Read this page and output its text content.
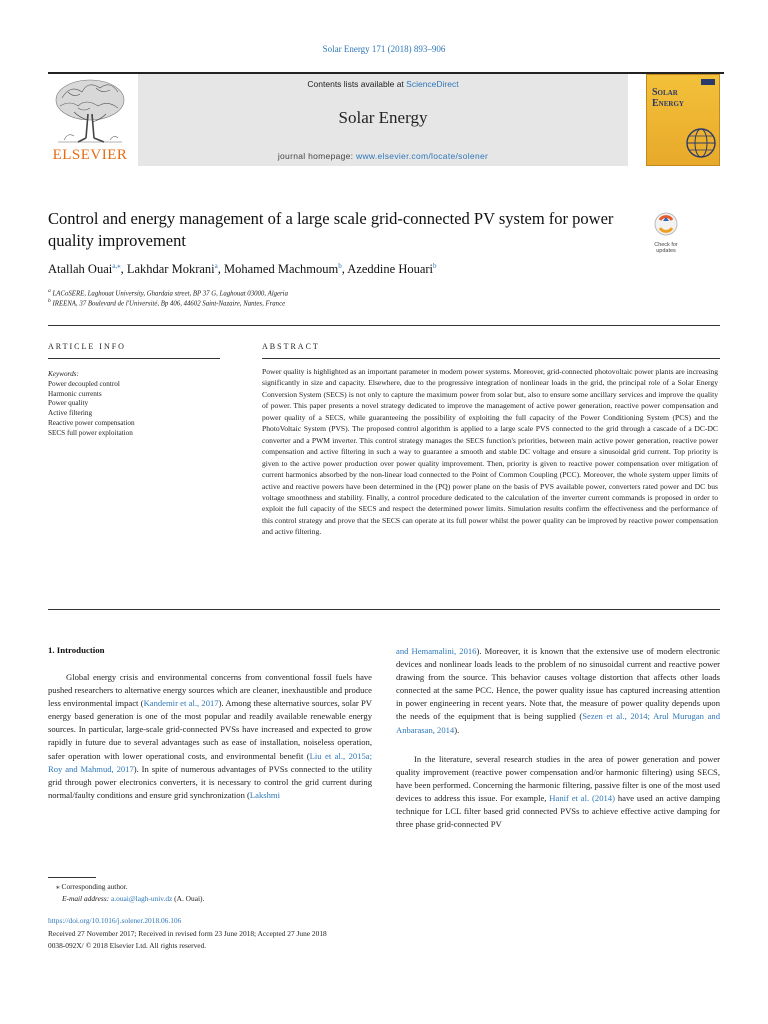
Solar Energy 171 (2018) 893–906
ELSEVIER
Contents lists available at ScienceDirect
Solar Energy
journal homepage: www.elsevier.com/locate/solener
Solar
Energy
Control and energy management of a large scale grid-connected PV system for power quality improvement	Check for updates
Atallah Ouai$^{a,⁎}$, Lakhdar Mokrani$^a$, Mohamed Machmoum$^b$, Azeddine Houari$^b$
$^a$ LACoSERE, Laghouat University, Ghardaia street, BP 37 G, Laghouat 03000, Algeria
$^b$ IREENA, 37 Boulevard de l'Université, Bp 406, 44602 Saint-Nazaire, Nantes, France
ARTICLE INFO	ABSTRACT
Keywords:
Power decoupled control
Harmonic currents
Power quality
Active filtering
Reactive power compensation
SECS full power exploitation
Power quality is highlighted as an important parameter in modern power systems. Moreover, grid-connected photovoltaic power plants are increasing significantly in size and capacity. Elsewhere, due to the progressive integration of nonlinear loads in the grid, the principal role of a Solar Energy Conversion System (SECS) is not only to capture the maximum power from solar but, also to ensure some ancillary services and improve the quality of power. This paper presents a novel strategy dedicated to improve the management of active power generation, reactive power compensation and power quality of a SECS, while guaranteeing the possibility of exploiting the full capacity of the Power Conditioning System (PCS) and the PhotoVoltaic System (PVS). The proposed control algorithm is applied to a large scale PVS connected to the grid through a cascade of a DC-DC converter and a PWM inverter. This control strategy manages the SECS function's priorities, between main active power generation, reactive power compensation and active filtering in such a way to guarantee a smooth and stable DC voltage and ensure a sinusoidal grid current. Top priority is given to the active power production over power quality improvement. Then, priority is given to reactive power compensation over mitigation of current harmonics absorbed by the non-linear load connected to the Point of Common Coupling (PCC). Moreover, the whole system upper limits of active and reactive powers have been determined in the (PQ) power plane on the basis of PVS available power, converters rated power and DC bus voltage smoothness and stability. Finally, a control procedure dedicated to the calculation of the inverter current commands is proposed in order to exploit the full capacity of the SECS and respect the determined power limits. Simulation results confirm the effectiveness and the performance of this control strategy and prove that the SECS can operate at its full power whilst the power quality can be improved by reactive power compensation and active filtering.
1. Introduction
Global energy crisis and environmental concerns from conventional fossil fuels have pushed researchers to alternative energy sources which are cleaner, inexhaustible and produce less environmental impact (Kandemir et al., 2017). Among these alternative sources, solar PV energy based generation is one of the most popular and readily available renewable energy sources. In particular, large-scale grid-connected PVSs have increased and expected to grow rapidly in future due to several advantages such as ease of installation, noiseless operation, safer operation with lower operational costs, and environmental benefit (Liu et al., 2015a; Roy and Mahmud, 2017). In spite of numerous advantages of PVSs connected to the utility grid through power electronics converters, it is necessary to control the grid current during normal/faulty conditions and ensure grid synchronization (Lakshmi
and Hemamalini, 2016). Moreover, it is known that the extensive use of modern electronic devices and nonlinear loads leads to the problem of no sinusoidal current and reactive power drawing from the source. This behavior causes voltage distortion that affects other loads connected at the same PCC. Hence, the power quality issue has captured increasing attention in power engineering in recent years. Note that, the measure of power quality depends upon the needs of the equipment that is being supplied (Sezen et al., 2014; Arul Murugan and Anbarasan, 2014).
In the literature, several research studies in the area of power generation and power quality improvement (reactive power compensation and/or harmonic filtering) using SECS, have been performed. Concerning the harmonic filtering, passive filter is one of the most used devices to address this issue. For example, Hanif et al. (2014) have used an active damping technique for LCL filter based grid connected PVSs to achieve effective active damping for three phase grid-connected PV
⁎ Corresponding author.
E-mail address: a.ouai@lagh-univ.dz (A. Ouai).
https://doi.org/10.1016/j.solener.2018.06.106
Received 27 November 2017; Received in revised form 23 June 2018; Accepted 27 June 2018
0038-092X/ © 2018 Elsevier Ltd. All rights reserved.
